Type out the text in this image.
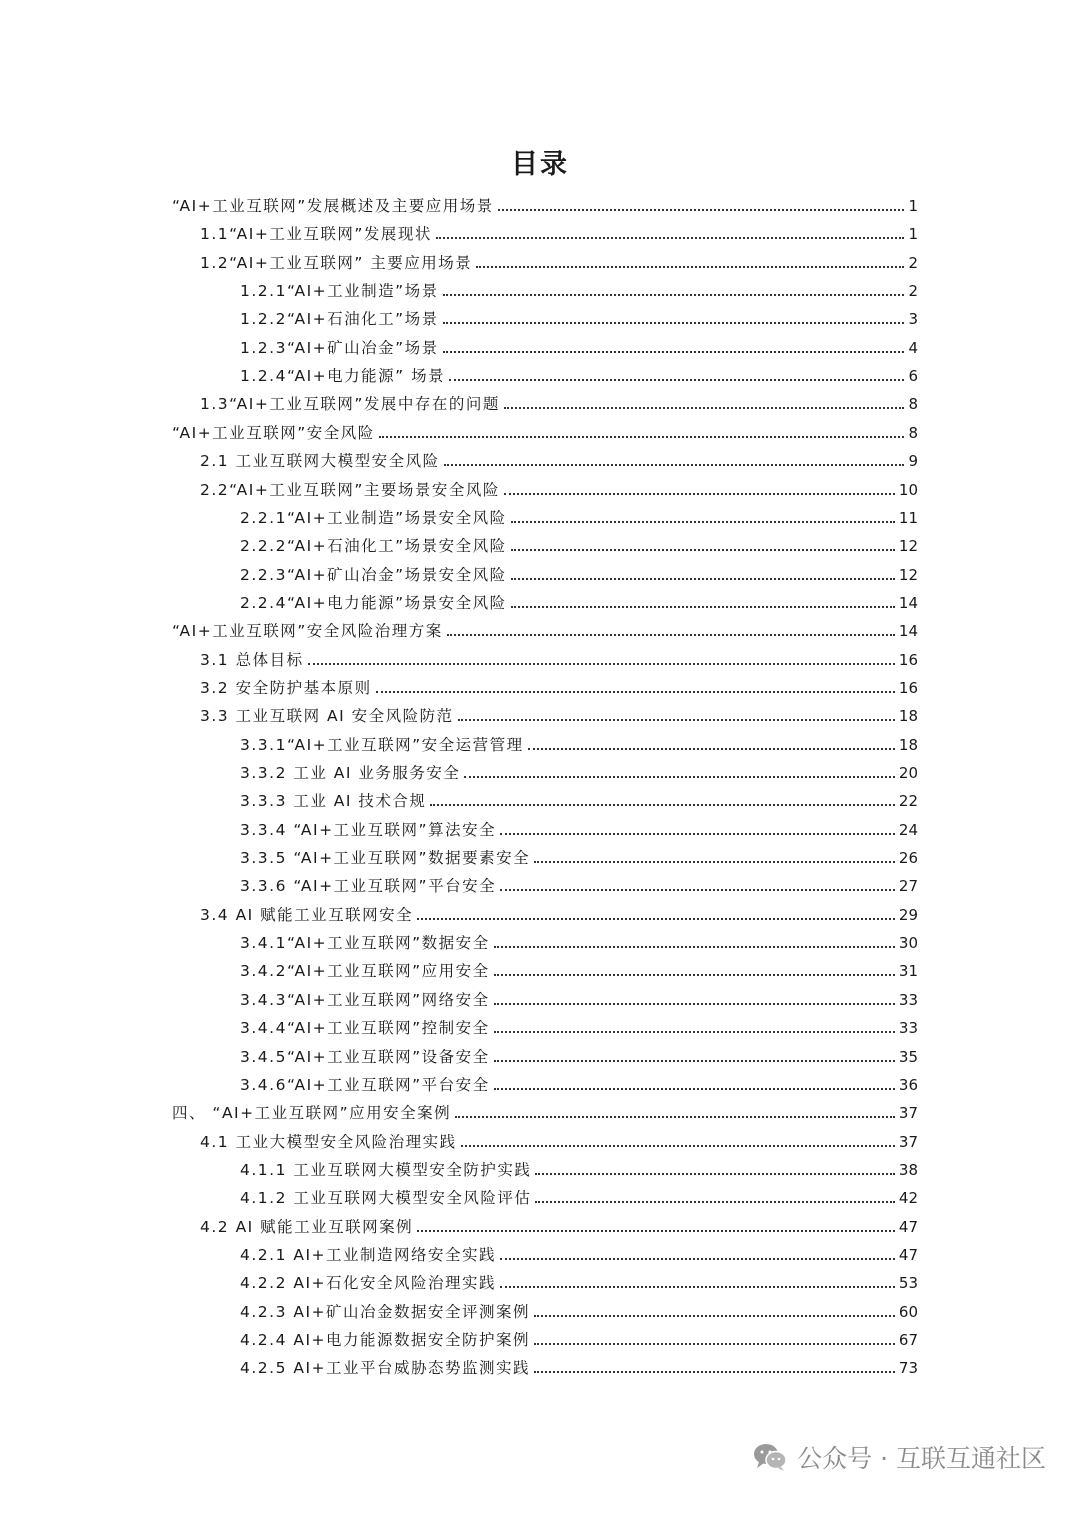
目录
“AI+工业互联网”发展概述及主要应用场景	1
1.1“AI+工业互联网”发展现状	1
1.2“AI+工业互联网” 主要应用场景	2
1.2.1“AI+工业制造”场景	2
1.2.2“AI+石油化工”场景	3
1.2.3“AI+矿山冶金”场景	4
1.2.4“AI+电力能源” 场景	6
1.3“AI+工业互联网”发展中存在的问题	8
“AI+工业互联网”安全风险	8
2.1 工业互联网大模型安全风险	9
2.2“AI+工业互联网”主要场景安全风险	10
2.2.1“AI+工业制造”场景安全风险	11
2.2.2“AI+石油化工”场景安全风险	12
2.2.3“AI+矿山冶金”场景安全风险	12
2.2.4“AI+电力能源”场景安全风险	14
“AI+工业互联网”安全风险治理方案	14
3.1 总体目标	16
3.2 安全防护基本原则	16
3.3 工业互联网 AI 安全风险防范	18
3.3.1“AI+工业互联网”安全运营管理	18
3.3.2 工业 AI 业务服务安全	20
3.3.3 工业 AI 技术合规	22
3.3.4 “AI+工业互联网”算法安全	24
3.3.5 “AI+工业互联网”数据要素安全	26
3.3.6 “AI+工业互联网”平台安全	27
3.4 AI 赋能工业互联网安全	29
3.4.1“AI+工业互联网”数据安全	30
3.4.2“AI+工业互联网”应用安全	31
3.4.3“AI+工业互联网”网络安全	33
3.4.4“AI+工业互联网”控制安全	33
3.4.5“AI+工业互联网”设备安全	35
3.4.6“AI+工业互联网”平台安全	36
四、 “AI+工业互联网”应用安全案例	37
4.1 工业大模型安全风险治理实践	37
4.1.1 工业互联网大模型安全防护实践	38
4.1.2 工业互联网大模型安全风险评估	42
4.2 AI 赋能工业互联网案例	47
4.2.1 AI+工业制造网络安全实践	47
4.2.2 AI+石化安全风险治理实践	53
4.2.3 AI+矿山冶金数据安全评测案例	60
4.2.4 AI+电力能源数据安全防护案例	67
4.2.5 AI+工业平台威胁态势监测实践	73
公众号 · 互联互通社区
